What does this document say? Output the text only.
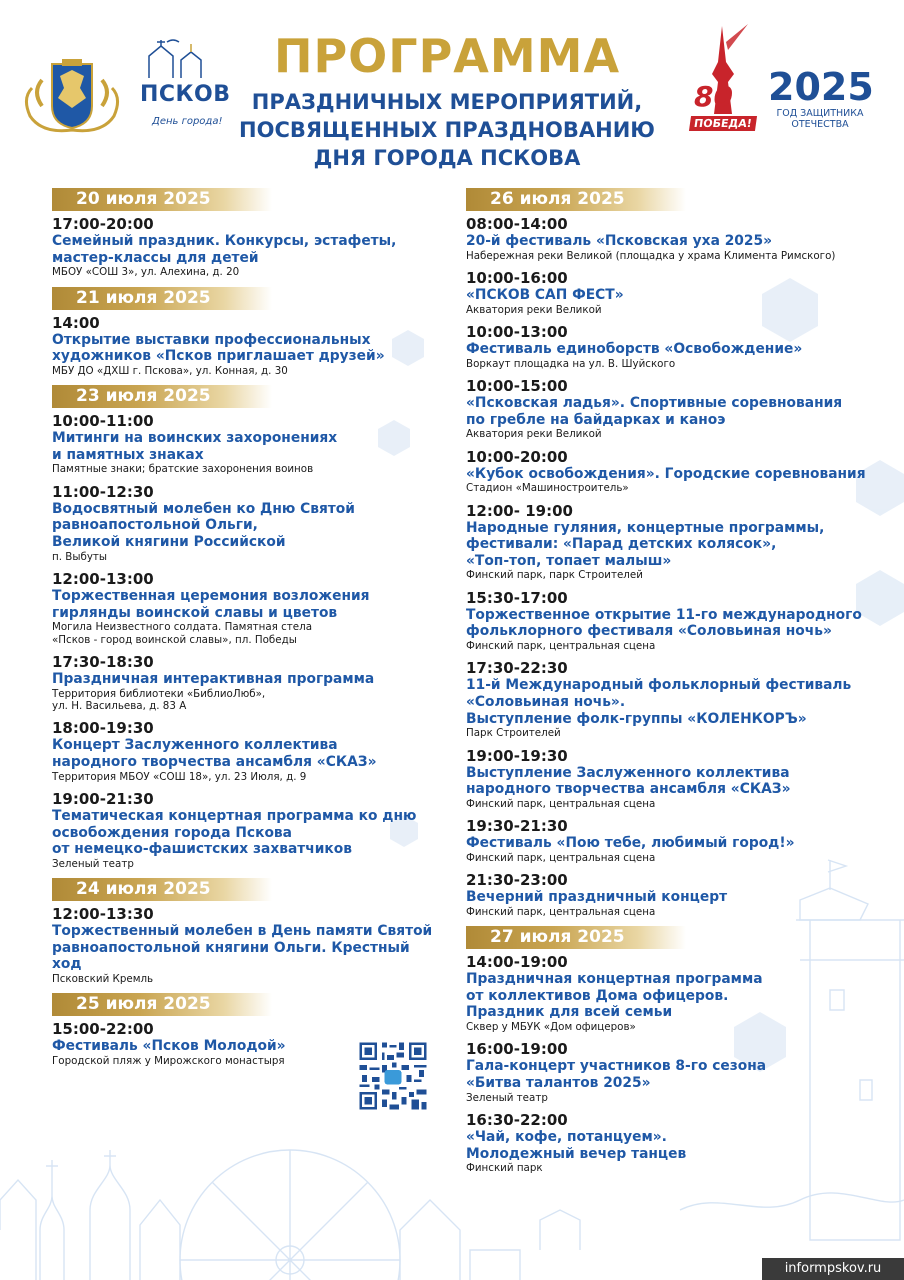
ПСКОВ
День города!
ПРОГРАММА
ПРАЗДНИЧНЫХ МЕРОПРИЯТИЙ,
ПОСВЯЩЕННЫХ ПРАЗДНОВАНИЮ
ДНЯ ГОРОДА ПСКОВА
80
ПОБЕДА!
2025
ГОД ЗАЩИТНИКА
ОТЕЧЕСТВА
20 июля 2025
17:00-20:00
Семейный праздник. Конкурсы, эстафеты,
мастер-классы для детей
МБОУ «СОШ 3», ул. Алехина, д. 20
21 июля 2025
14:00
Открытие выставки профессиональных
художников «Псков приглашает друзей»
МБУ ДО «ДХШ г. Пскова», ул. Конная, д. 30
23 июля 2025
10:00-11:00
Митинги на воинских захоронениях
и памятных знаках
Памятные знаки; братские захоронения воинов
11:00-12:30
Водосвятный молебен ко Дню Святой
равноапостольной Ольги,
Великой княгини Российской
п. Выбуты
12:00-13:00
Торжественная церемония возложения
гирлянды воинской славы и цветов
Могила Неизвестного солдата. Памятная стела
«Псков - город воинской славы», пл. Победы
17:30-18:30
Праздничная интерактивная программа
Территория библиотеки «БиблиоЛюб»,
ул. Н. Васильева, д. 83 А
18:00-19:30
Концерт Заслуженного коллектива
народного творчества ансамбля «СКАЗ»
Территория МБОУ «СОШ 18», ул. 23 Июля, д. 9
19:00-21:30
Тематическая концертная программа ко дню
освобождения города Пскова
от немецко-фашистских захватчиков
Зеленый театр
24 июля 2025
12:00-13:30
Торжественный молебен в День памяти Святой
равноапостольной княгини Ольги. Крестный ход
Псковский Кремль
25 июля 2025
15:00-22:00
Фестиваль «Псков Молодой»
Городской пляж у Мирожского монастыря
26 июля 2025
08:00-14:00
20-й фестиваль «Псковская уха 2025»
Набережная реки Великой (площадка у храма Климента Римского)
10:00-16:00
«ПСКОВ САП ФЕСТ»
Акватория реки Великой
10:00-13:00
Фестиваль единоборств «Освобождение»
Воркаут площадка на ул. В. Шуйского
10:00-15:00
«Псковская ладья». Спортивные соревнования
по гребле на байдарках и каноэ
Акватория реки Великой
10:00-20:00
«Кубок освобождения». Городские соревнования
Стадион «Машиностроитель»
12:00- 19:00
Народные гуляния, концертные программы,
фестивали: «Парад детских колясок»,
«Топ-топ, топает малыш»
Финский парк, парк Строителей
15:30-17:00
Торжественное открытие 11-го международного
фольклорного фестиваля «Соловьиная ночь»
Финский парк, центральная сцена
17:30-22:30
11-й Международный фольклорный фестиваль
«Соловьиная ночь».
Выступление фолк-группы «КОЛЕНКОРЪ»
Парк Строителей
19:00-19:30
Выступление Заслуженного коллектива
народного творчества ансамбля «СКАЗ»
Финский парк, центральная сцена
19:30-21:30
Фестиваль «Пою тебе, любимый город!»
Финский парк, центральная сцена
21:30-23:00
Вечерний праздничный концерт
Финский парк, центральная сцена
27 июля 2025
14:00-19:00
Праздничная концертная программа
от коллективов Дома офицеров.
Праздник для всей семьи
Сквер у МБУК «Дом офицеров»
16:00-19:00
Гала-концерт участников 8-го сезона
«Битва талантов 2025»
Зеленый театр
16:30-22:00
«Чай, кофе, потанцуем».
Молодежный вечер танцев
Финский парк
informpskov.ru
